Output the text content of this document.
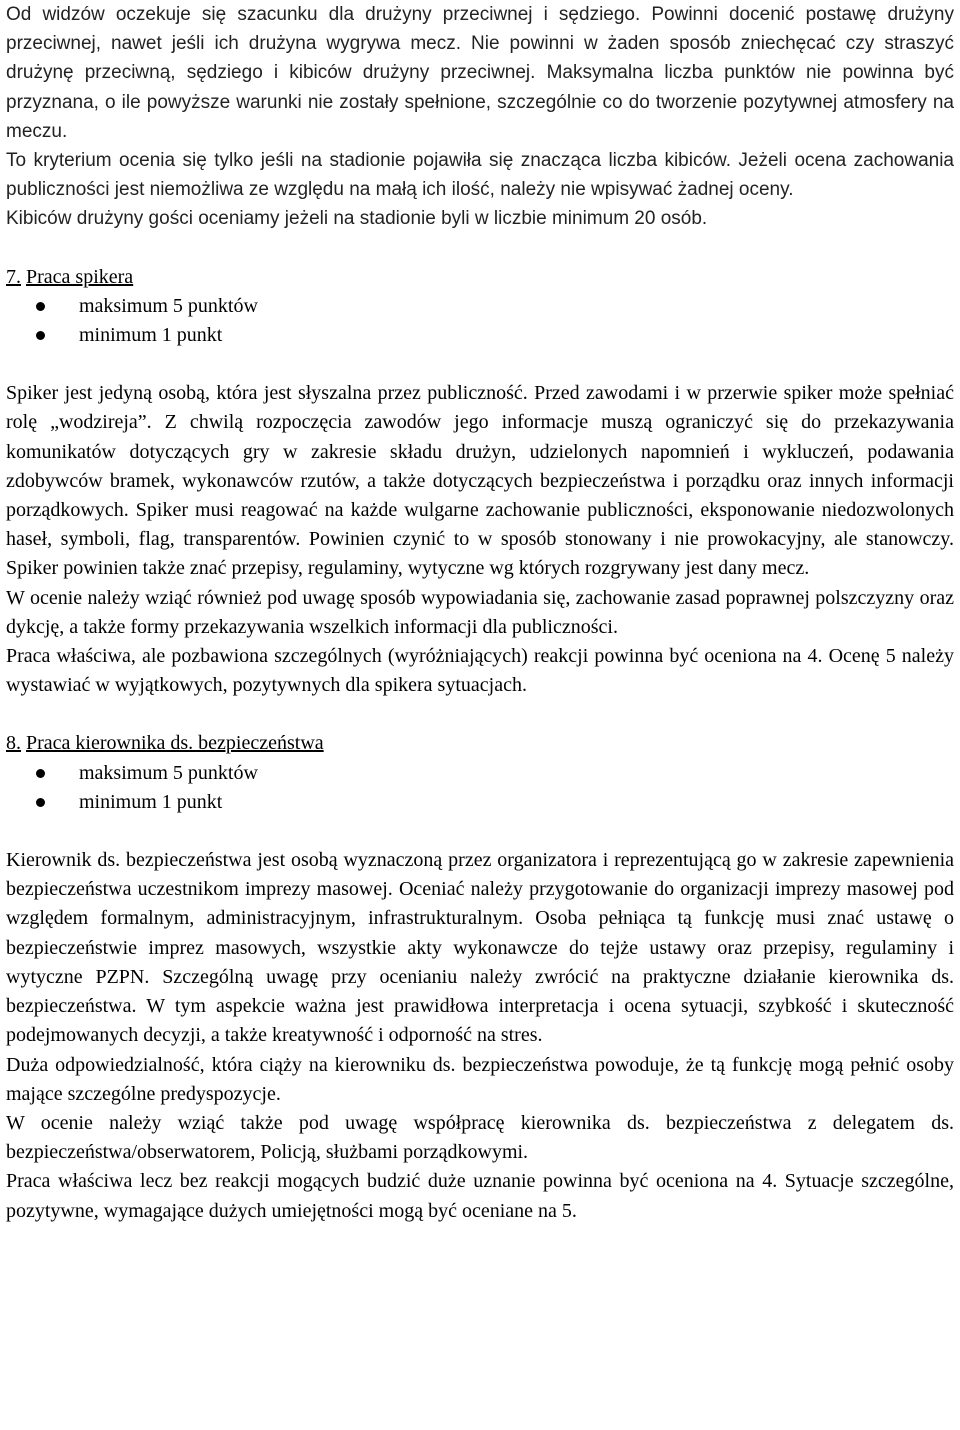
Od widzów oczekuje się szacunku dla drużyny przeciwnej i sędziego. Powinni docenić postawę drużyny przeciwnej, nawet jeśli ich drużyna wygrywa mecz. Nie powinni w żaden sposób zniechęcać czy straszyć drużynę przeciwną, sędziego i kibiców drużyny przeciwnej. Maksymalna liczba punktów nie powinna być przyznana, o ile powyższe warunki nie zostały spełnione, szczególnie co do tworzenie pozytywnej atmosfery na meczu.

To kryterium ocenia się tylko jeśli na stadionie pojawiła się znacząca liczba kibiców. Jeżeli ocena zachowania publiczności jest niemożliwa ze względu na małą ich ilość, należy nie wpisywać żadnej oceny.

Kibiców drużyny gości oceniamy jeżeli na stadionie byli w liczbie minimum 20 osób.

7. Praca spikera

maksimum 5 punktów
minimum 1 punkt

Spiker jest jedyną osobą, która jest słyszalna przez publiczność. Przed zawodami i w przerwie spiker może spełniać rolę „wodzireja”. Z chwilą rozpoczęcia zawodów jego informacje muszą ograniczyć się do przekazywania komunikatów dotyczących gry w zakresie składu drużyn, udzielonych napomnień i wykluczeń, podawania zdobywców bramek, wykonawców rzutów, a także dotyczących bezpieczeństwa i porządku oraz innych informacji porządkowych. Spiker musi reagować na każde wulgarne zachowanie publiczności, eksponowanie niedozwolonych haseł, symboli, flag, transparentów. Powinien czynić to w sposób stonowany i nie prowokacyjny, ale stanowczy. Spiker powinien także znać przepisy, regulaminy, wytyczne wg których rozgrywany jest dany mecz.

W ocenie należy wziąć również pod uwagę sposób wypowiadania się, zachowanie zasad poprawnej polszczyzny oraz dykcję, a także formy przekazywania wszelkich informacji dla publiczności.

Praca właściwa, ale pozbawiona szczególnych (wyróżniających) reakcji powinna być oceniona na 4. Ocenę 5 należy wystawiać w wyjątkowych, pozytywnych dla spikera sytuacjach.

8. Praca kierownika ds. bezpieczeństwa

maksimum 5 punktów
minimum 1 punkt

Kierownik ds. bezpieczeństwa jest osobą wyznaczoną przez organizatora i reprezentującą go w zakresie zapewnienia bezpieczeństwa uczestnikom imprezy masowej. Oceniać należy przygotowanie do organizacji imprezy masowej pod względem formalnym, administracyjnym, infrastrukturalnym. Osoba pełniąca tą funkcję musi znać ustawę o bezpieczeństwie imprez masowych, wszystkie akty wykonawcze do tejże ustawy oraz przepisy, regulaminy i wytyczne PZPN. Szczególną uwagę przy ocenianiu należy zwrócić na praktyczne działanie kierownika ds. bezpieczeństwa. W tym aspekcie ważna jest prawidłowa interpretacja i ocena sytuacji, szybkość i skuteczność podejmowanych decyzji, a także kreatywność i odporność na stres.

Duża odpowiedzialność, która ciąży na kierowniku ds. bezpieczeństwa powoduje, że tą funkcję mogą pełnić osoby mające szczególne predyspozycje.

W ocenie należy wziąć także pod uwagę współpracę kierownika ds. bezpieczeństwa z delegatem ds. bezpieczeństwa/obserwatorem, Policją, służbami porządkowymi.

Praca właściwa lecz bez reakcji mogących budzić duże uznanie powinna być oceniona na 4. Sytuacje szczególne, pozytywne, wymagające dużych umiejętności mogą być oceniane na 5.
